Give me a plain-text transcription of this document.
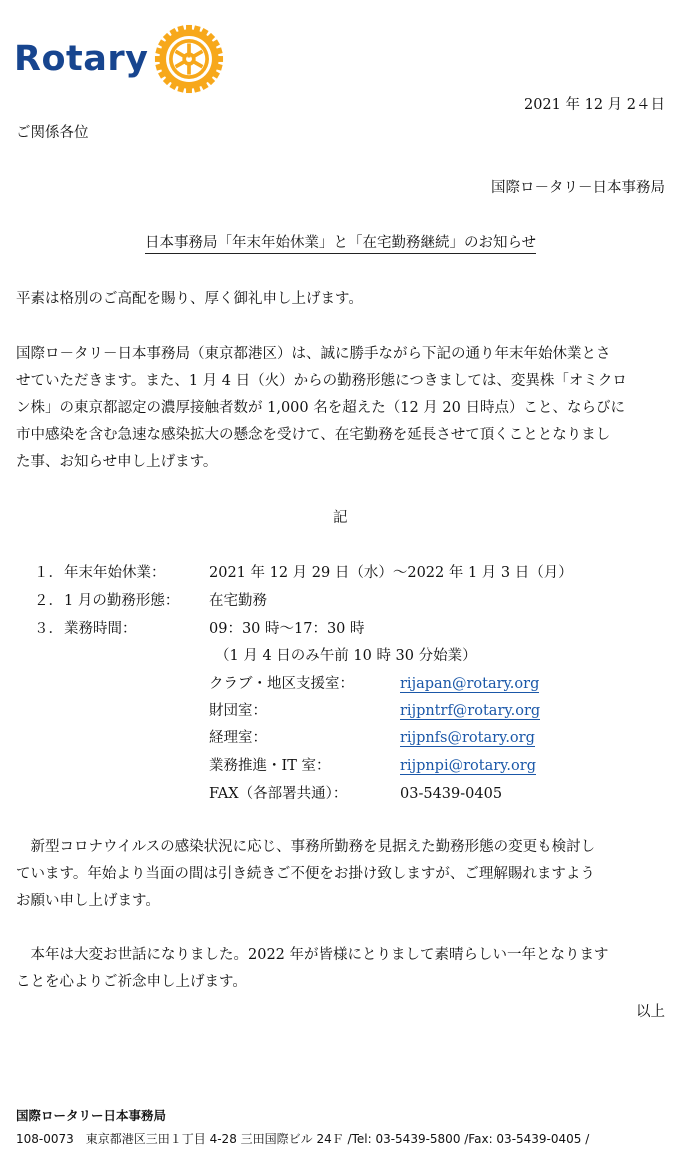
Rotary
2021 年 12 月 2４日
ご関係各位
国際ロ－タリ－日本事務局
日本事務局「年末年始休業」と「在宅勤務継続」のお知らせ
平素は格別のご高配を賜り、厚く御礼申し上げます。
国際ロ－タリ－日本事務局（東京都港区）は、誠に勝手ながら下記の通り年末年始休業とさ
せていただきます。また、1 月 4 日（火）からの勤務形態につきましては、変異株「オミクロ
ン株」の東京都認定の濃厚接触者数が 1,000 名を超えた（12 月 20 日時点）こと、ならびに
市中感染を含む急速な感染拡大の懸念を受けて、在宅勤務を延長させて頂くこととなりまし
た事、お知らせ申し上げます。
記
１． 年末年始休業：	2021 年 12 月 29 日（水）～2022 年 1 月 3 日（月）
２． 1 月の勤務形態： 在宅勤務
３． 業務時間：	09：30 時～17：30 時
（1 月 4 日のみ午前 10 時 30 分始業）
クラブ・地区支援室：	rijapan@rotary.org
財団室：	rijpntrf@rotary.org
経理室：	rijpnfs@rotary.org
業務推進・IT 室：	rijpnpi@rotary.org
FAX（各部署共通）：	03-5439-0405
　新型コロナウイルスの感染状況に応じ、事務所勤務を見据えた勤務形態の変更も検討し
ています。年始より当面の間は引き続きご不便をお掛け致しますが、ご理解賜れますよう
お願い申し上げます。
　本年は大変お世話になりました。2022 年が皆様にとりまして素晴らしい一年となります
ことを心よりご祈念申し上げます。
以上
国際ロータリー日本事務局
108-0073　東京都港区三田１丁目 4-28 三田国際ビル 24Ｆ /Tel: 03-5439-5800 /Fax: 03-5439-0405 /
